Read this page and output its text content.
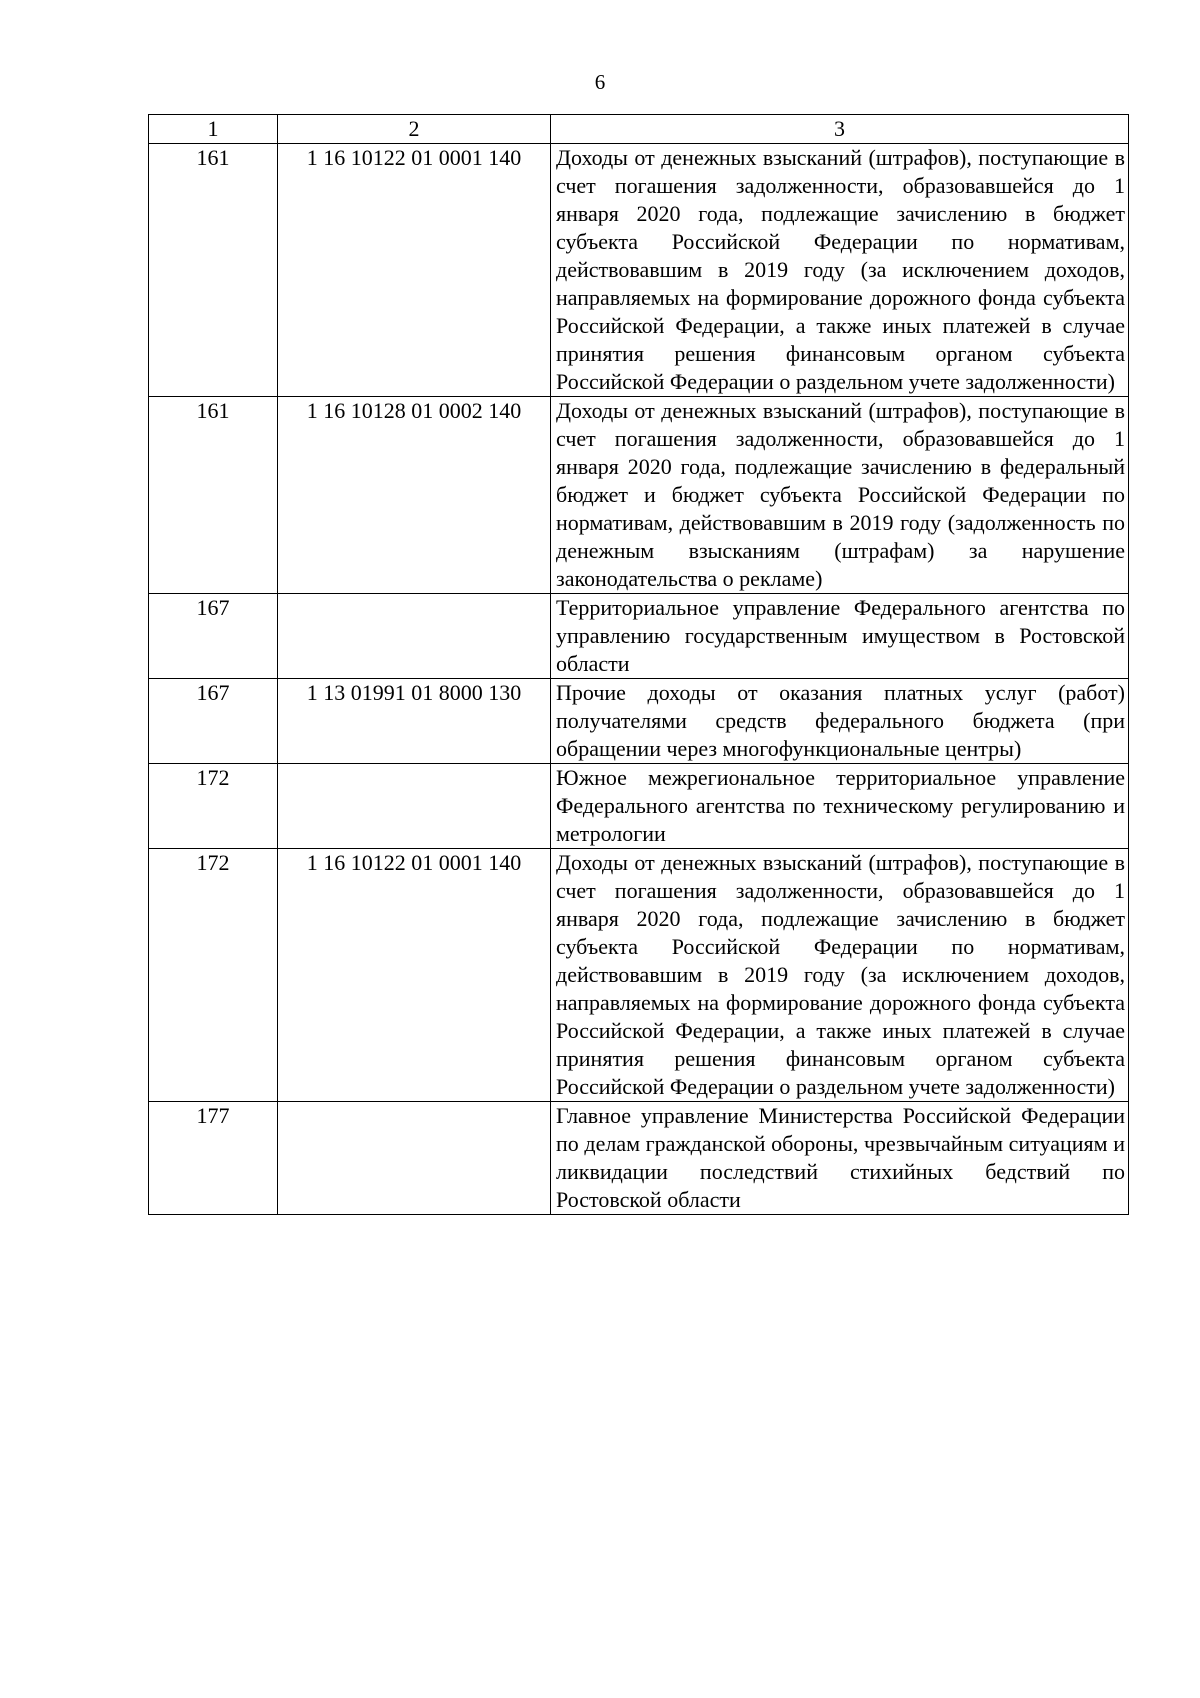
6
1	2	3
161	1 16 10122 01 0001 140	Доходы от денежных взысканий (штрафов), поступающие в счет погашения задолженности, образовавшейся до 1 января 2020 года, подлежащие зачислению в бюджет субъекта Российской Федерации по нормативам, действовавшим в 2019 году (за исключением доходов, направляемых на формирование дорожного фонда субъекта Российской Федерации, а также иных платежей в случае принятия решения финансовым органом субъекта Российской Федерации о раздельном учете задолженности)
161	1 16 10128 01 0002 140	Доходы от денежных взысканий (штрафов), поступающие в счет погашения задолженности, образовавшейся до 1 января 2020 года, подлежащие зачислению в федеральный бюджет и бюджет субъекта Российской Федерации по нормативам, действовавшим в 2019 году (задолженность по денежным взысканиям (штрафам) за нарушение законодательства о рекламе)
167		Территориальное управление Федерального агентства по управлению государственным имуществом в Ростовской области
167	1 13 01991 01 8000 130	Прочие доходы от оказания платных услуг (работ) получателями средств федерального бюджета (при обращении через многофункциональные центры)
172		Южное межрегиональное территориальное управление Федерального агентства по техническому регулированию и метрологии
172	1 16 10122 01 0001 140	Доходы от денежных взысканий (штрафов), поступающие в счет погашения задолженности, образовавшейся до 1 января 2020 года, подлежащие зачислению в бюджет субъекта Российской Федерации по нормативам, действовавшим в 2019 году (за исключением доходов, направляемых на формирование дорожного фонда субъекта Российской Федерации, а также иных платежей в случае принятия решения финансовым органом субъекта Российской Федерации о раздельном учете задолженности)
177		Главное управление Министерства Российской Федерации по делам гражданской обороны, чрезвычайным ситуациям и ликвидации последствий стихийных бедствий по Ростовской области
